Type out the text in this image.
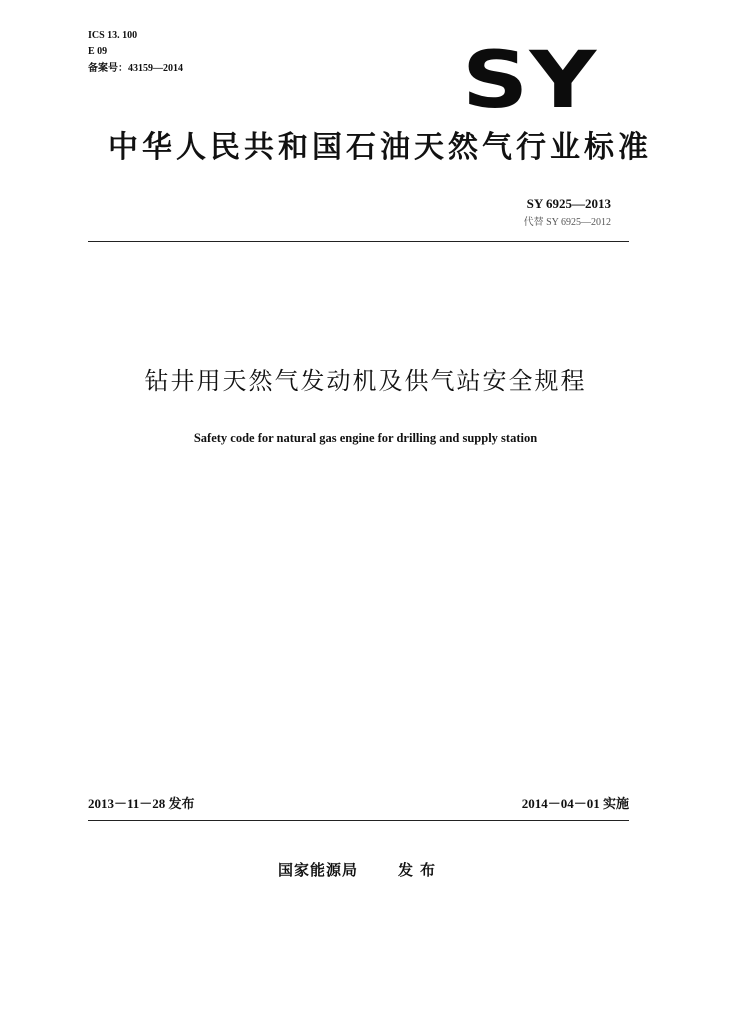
ICS 13. 100
E 09
备案号：43159—2014	SY
中华人民共和国石油天然气行业标准
SY 6925—2013
代替 SY 6925—2012
钻井用天然气发动机及供气站安全规程
Safety code for natural gas engine for drilling and supply station
2013－11－28 发布	2014－04－01 实施
国家能源局	发布
